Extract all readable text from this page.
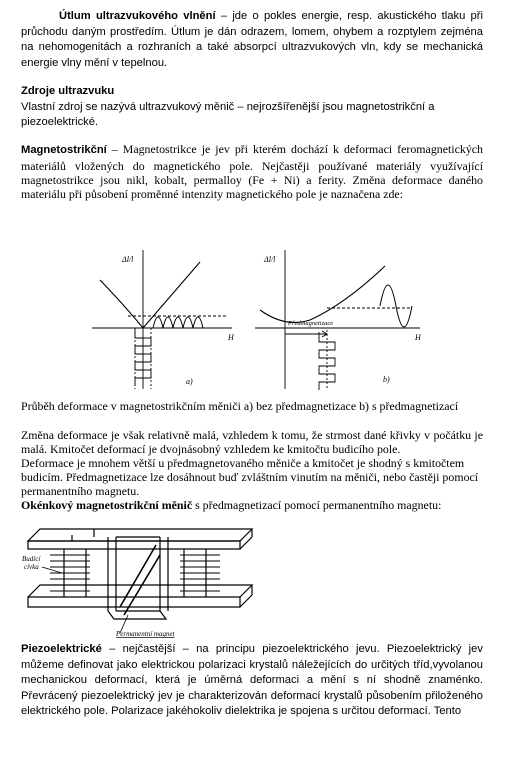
Útlum ultrazvukového vlnění – jde o pokles energie, resp. akustického tlaku při průchodu daným prostředím. Útlum je dán odrazem, lomem, ohybem a rozptylem zejména na nehomogenitách a rozhraních a také absorpcí ultrazvukových vln, kdy se mechanická energie vlny mění v tepelnou.

Zdroje ultrazvuku
Vlastní zdroj se nazývá ultrazvukový měnič – nejrozšířenější jsou magnetostrikční a piezoelektrické.

Magnetostrikční – Magnetostrikce je jev při kterém dochází k deformaci feromagnetických materiálů vložených do magnetického pole. Nejčastěji používané materiály využívající magnetostrikce jsou nikl, kobalt, permalloy (Fe + Ni) a ferity. Změna deformace daného materiálu při působení proměnné intenzity magnetického pole je naznačena zde:

Δl/l
H
a)
Δl/l
H
b)
Předmagnetizace

Průběh deformace v magnetostrikčním měniči a) bez předmagnetizace b) s předmagnetizací

Změna deformace je však relativně malá, vzhledem k tomu, že strmost dané křivky v počátku je malá. Kmitočet deformací je dvojnásobný vzhledem ke kmitočtu budicího pole.

Deformace je mnohem větší u předmagnetovaného měniče a kmitočet je shodný s kmitočtem budicím. Předmagnetizace lze dosáhnout buď zvláštním vinutím na měniči, nebo častěji pomocí permanentního magnetu.

Okénkový magnetostrikční měnič s předmagnetizací pomocí permanentního magnetu:

Budící
cívka
Permanentní magnet

Piezoelektrické – nejčastější – na principu piezoelektrického jevu. Piezoelektrický jev můžeme definovat jako elektrickou polarizaci krystalů náležejících do určitých tříd,vyvolanou mechanickou deformací, která je úměrná deformaci a mění s ní shodně znaménko. Převrácený piezoelektrický jev je charakterizován deformací krystalů působením přiloženého elektrického pole. Polarizace jakéhokoliv dielektrika je spojena s určitou deformací. Tento
